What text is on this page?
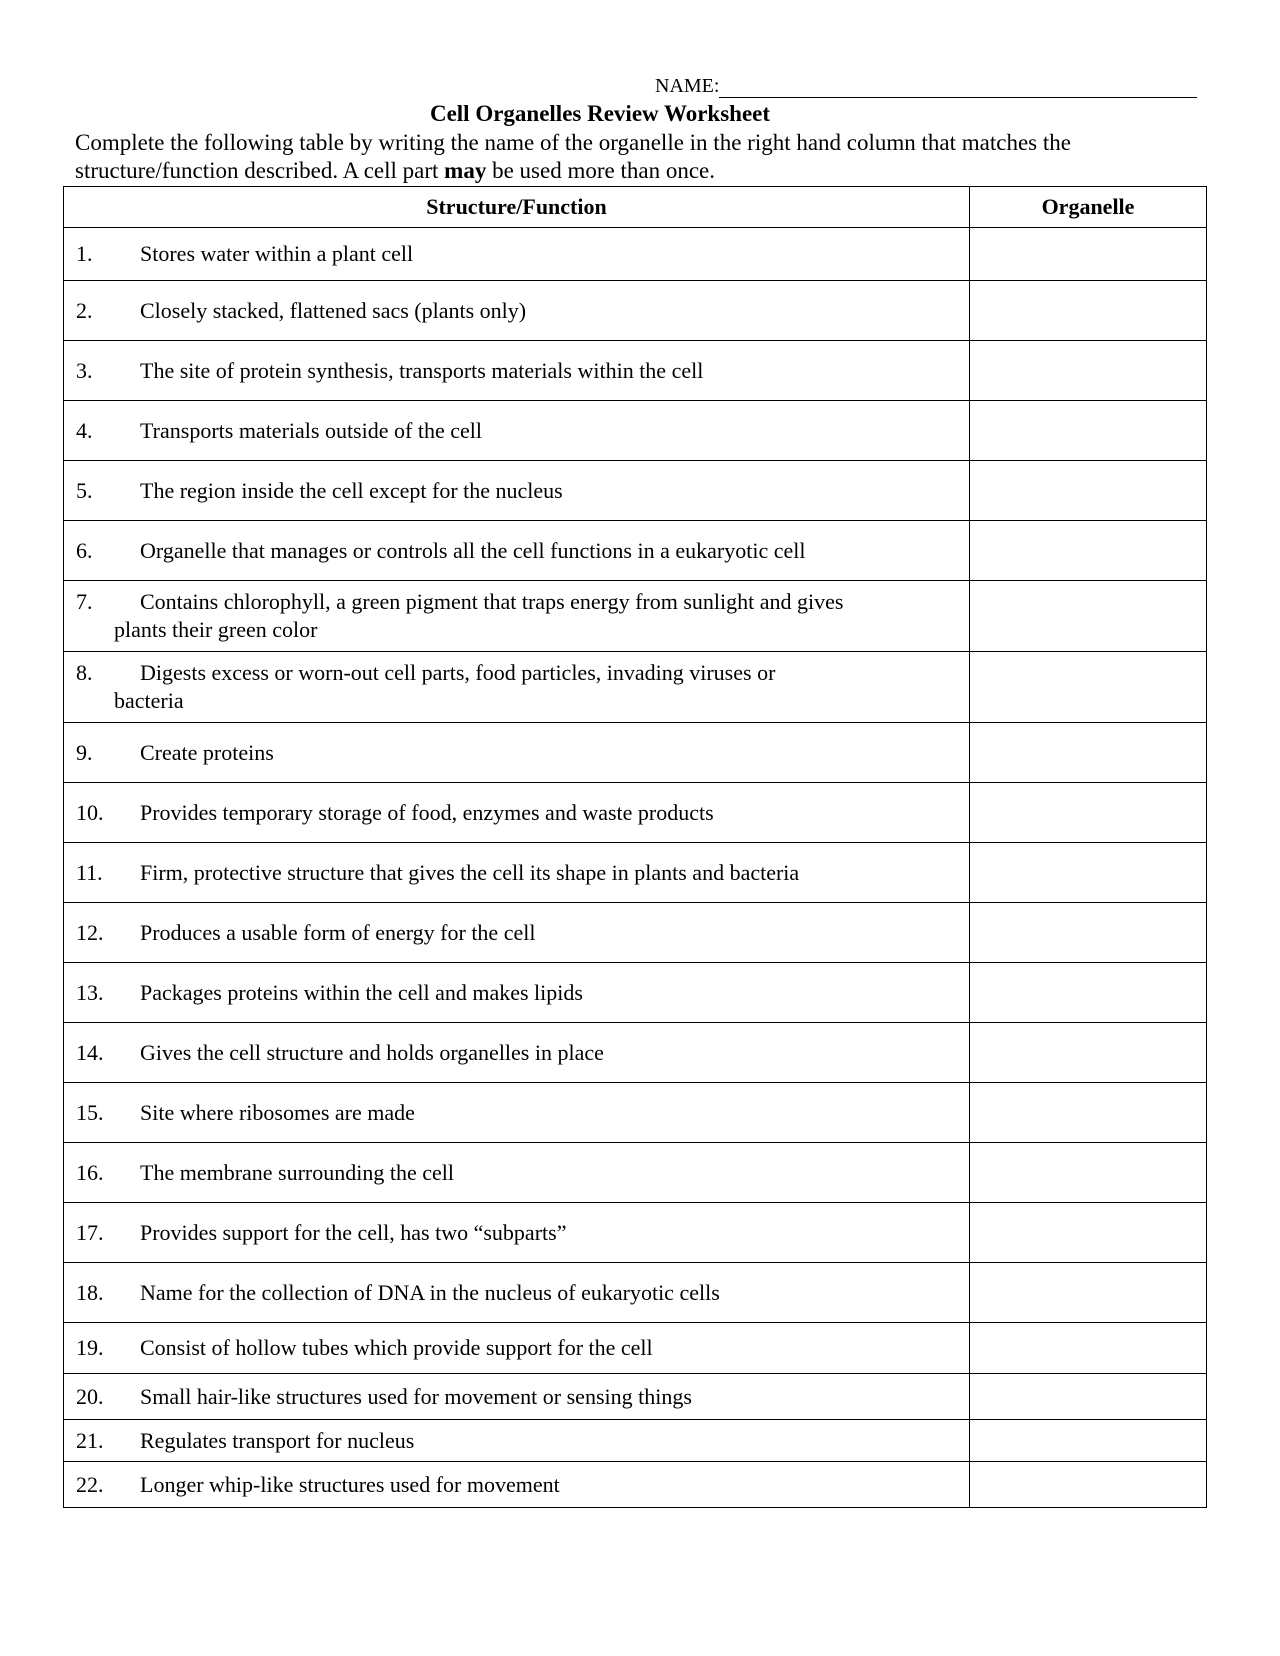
NAME:
Cell Organelles Review Worksheet
Complete the following table by writing the name of the organelle in the right hand column that matches the structure/function described. A cell part may be used more than once.
Structure/Function	Organelle

1. Stores water within a plant cell	

2. Closely stacked, flattened sacs (plants only)	

3. The site of protein synthesis, transports materials within the cell	

4. Transports materials outside of the cell	

5. The region inside the cell except for the nucleus	

6. Organelle that manages or controls all the cell functions in a eukaryotic cell	

7. Contains chlorophyll, a green pigment that traps energy from sunlight and gives
plants their green color	

8. Digests excess or worn-out cell parts, food particles, invading viruses or
bacteria	

9. Create proteins	

10. Provides temporary storage of food, enzymes and waste products	

11. Firm, protective structure that gives the cell its shape in plants and bacteria	

12. Produces a usable form of energy for the cell	

13. Packages proteins within the cell and makes lipids	

14. Gives the cell structure and holds organelles in place	

15. Site where ribosomes are made	

16. The membrane surrounding the cell	

17. Provides support for the cell, has two “subparts”	

18. Name for the collection of DNA in the nucleus of eukaryotic cells	

19. Consist of hollow tubes which provide support for the cell	

20. Small hair-like structures used for movement or sensing things	

21. Regulates transport for nucleus	

22. Longer whip-like structures used for movement	
